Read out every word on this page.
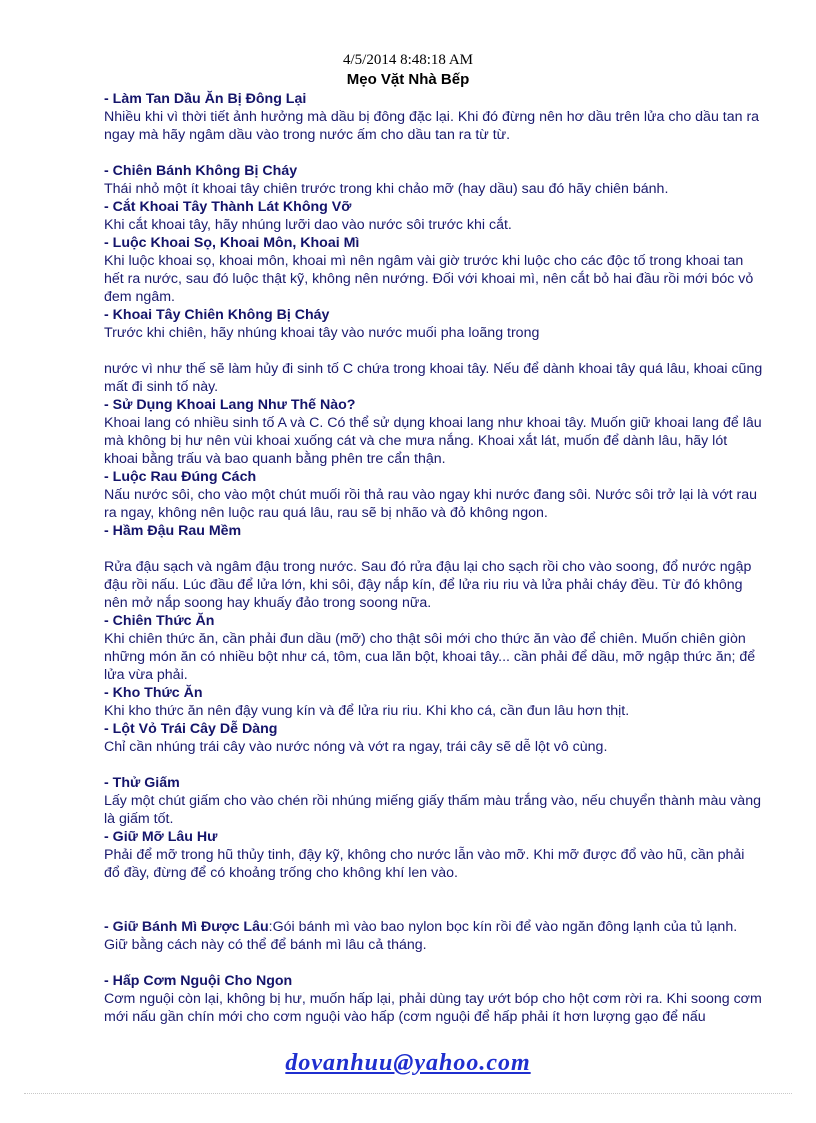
4/5/2014 8:48:18 AM
Mẹo Vặt Nhà Bếp
- Làm Tan Dầu Ăn Bị Đông Lại
Nhiều khi vì thời tiết ảnh hưởng mà dầu bị đông đặc lại. Khi đó đừng nên hơ dầu trên lửa cho dầu tan ra ngay mà hãy ngâm dầu vào trong nước ấm cho dầu tan ra từ từ.
- Chiên Bánh Không Bị Cháy
Thái nhỏ một ít khoai tây chiên trước trong khi chảo mỡ (hay dầu) sau đó hãy chiên bánh.
- Cắt Khoai Tây Thành Lát Không Vỡ
Khi cắt khoai tây, hãy nhúng lưỡi dao vào nước sôi trước khi cắt.
- Luộc Khoai Sọ, Khoai Môn, Khoai Mì
Khi luộc khoai sọ, khoai môn, khoai mì nên ngâm vài giờ trước khi luộc cho các độc tố trong khoai tan hết ra nước, sau đó luộc thật kỹ, không nên nướng. Đối với khoai mì, nên cắt bỏ hai đầu rồi mới bóc vỏ đem ngâm.
- Khoai Tây Chiên Không Bị Cháy
Trước khi chiên, hãy nhúng khoai tây vào nước muối pha loãng trong
nước vì như thế sẽ làm hủy đi sinh tố C chứa trong khoai tây. Nếu để dành khoai tây quá lâu, khoai cũng mất đi sinh tố này.
- Sử Dụng Khoai Lang Như Thế Nào?
Khoai lang có nhiều sinh tố A và C. Có thể sử dụng khoai lang như khoai tây. Muốn giữ khoai lang để lâu mà không bị hư nên vùi khoai xuống cát và che mưa nắng. Khoai xắt lát, muốn để dành lâu, hãy lót khoai bằng trấu và bao quanh bằng phên tre cẩn thận.
- Luộc Rau Đúng Cách
Nấu nước sôi, cho vào một chút muối rồi thả rau vào ngay khi nước đang sôi. Nước sôi trở lại là vớt rau ra ngay, không nên luộc rau quá lâu, rau sẽ bị nhão và đỏ không ngon.
- Hầm Đậu Rau Mềm
Rửa đậu sạch và ngâm đậu trong nước. Sau đó rửa đậu lại cho sạch rồi cho vào soong, đổ nước ngập đậu rồi nấu. Lúc đầu để lửa lớn, khi sôi, đậy nắp kín, để lửa riu riu và lửa phải cháy đều. Từ đó không nên mở nắp soong hay khuấy đảo trong soong nữa.
- Chiên Thức Ăn
Khi chiên thức ăn, cần phải đun dầu (mỡ) cho thật sôi mới cho thức ăn vào để chiên. Muốn chiên giòn những món ăn có nhiều bột như cá, tôm, cua lăn bột, khoai tây... cần phải để dầu, mỡ ngập thức ăn; để lửa vừa phải.
- Kho Thức Ăn
Khi kho thức ăn nên đậy vung kín và để lửa riu riu. Khi kho cá, cần đun lâu hơn thịt.
- Lột Vỏ Trái Cây Dễ Dàng
Chỉ cần nhúng trái cây vào nước nóng và vớt ra ngay, trái cây sẽ dễ lột vô cùng.
- Thử Giấm
Lấy một chút giấm cho vào chén rồi nhúng miếng giấy thấm màu trắng vào, nếu chuyển thành màu vàng là giấm tốt.
- Giữ Mỡ Lâu Hư
Phải để mỡ trong hũ thủy tinh, đậy kỹ, không cho nước lẫn vào mỡ. Khi mỡ được đổ vào hũ, cần phải đổ đầy, đừng để có khoảng trống cho không khí len vào.
- Giữ Bánh Mì Được Lâu:Gói bánh mì vào bao nylon bọc kín rồi để vào ngăn đông lạnh của tủ lạnh. Giữ bằng cách này có thể để bánh mì lâu cả tháng.
- Hấp Cơm Nguội Cho Ngon
Cơm nguội còn lại, không bị hư, muốn hấp lại, phải dùng tay ướt bóp cho hột cơm rời ra. Khi soong cơm mới nấu gần chín mới cho cơm nguội vào hấp (cơm nguội để hấp phải ít hơn lượng gạo để nấu
dovanhuu@yahoo.com
